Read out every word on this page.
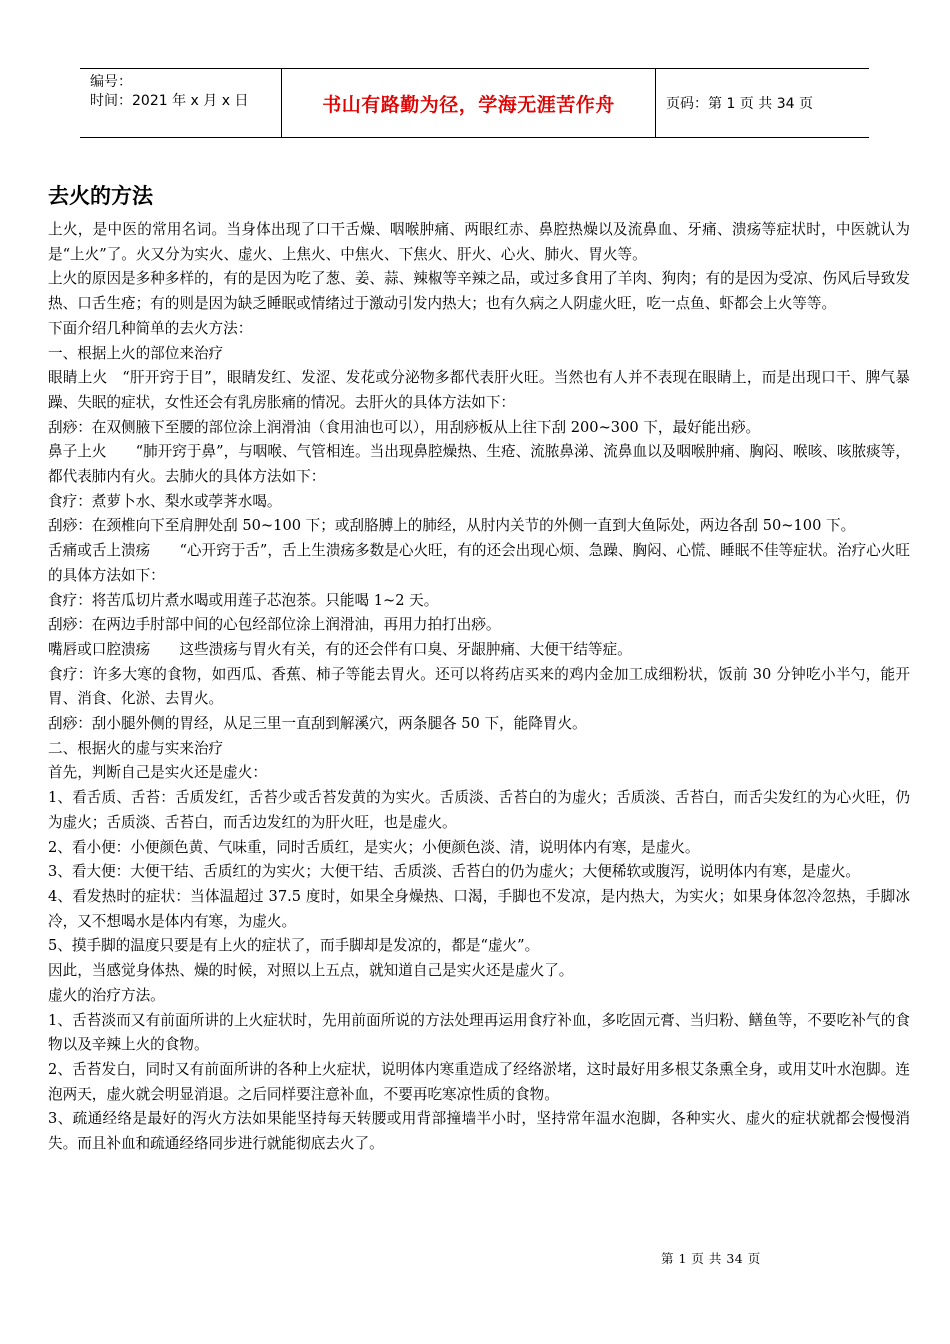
编号：
时间：2021 年 x 月 x 日	书山有路勤为径，学海无涯苦作舟	页码：第 1 页 共 34 页
去火的方法

上火，是中医的常用名词。当身体出现了口干舌燥、咽喉肿痛、两眼红赤、鼻腔热燥以及流鼻血、牙痛、溃疡等症状时，中医就认为是“上火”了。火又分为实火、虚火、上焦火、中焦火、下焦火、肝火、心火、肺火、胃火等。

上火的原因是多种多样的，有的是因为吃了葱、姜、蒜、辣椒等辛辣之品，或过多食用了羊肉、狗肉；有的是因为受凉、伤风后导致发热、口舌生疮；有的则是因为缺乏睡眠或情绪过于激动引发内热大；也有久病之人阴虚火旺，吃一点鱼、虾都会上火等等。

下面介绍几种简单的去火方法：

一、根据上火的部位来治疗

眼睛上火　“肝开窍于目”，眼睛发红、发涩、发花或分泌物多都代表肝火旺。当然也有人并不表现在眼睛上，而是出现口干、脾气暴躁、失眠的症状，女性还会有乳房胀痛的情况。去肝火的具体方法如下：

刮痧：在双侧腋下至腰的部位涂上润滑油（食用油也可以），用刮痧板从上往下刮 200~300 下，最好能出痧。

鼻子上火　　“肺开窍于鼻”，与咽喉、气管相连。当出现鼻腔燥热、生疮、流脓鼻涕、流鼻血以及咽喉肿痛、胸闷、喉咳、咳脓痰等，都代表肺内有火。去肺火的具体方法如下：

食疗：煮萝卜水、梨水或荸荠水喝。

刮痧：在颈椎向下至肩胛处刮 50~100 下；或刮胳膊上的肺经，从肘内关节的外侧一直到大鱼际处，两边各刮 50~100 下。

舌痛或舌上溃疡　　“心开窍于舌”，舌上生溃疡多数是心火旺，有的还会出现心烦、急躁、胸闷、心慌、睡眠不佳等症状。治疗心火旺的具体方法如下：

食疗：将苦瓜切片煮水喝或用莲子芯泡茶。只能喝 1~2 天。

刮痧：在两边手肘部中间的心包经部位涂上润滑油，再用力拍打出痧。

嘴唇或口腔溃疡　　这些溃疡与胃火有关，有的还会伴有口臭、牙龈肿痛、大便干结等症。

食疗：许多大寒的食物，如西瓜、香蕉、柿子等能去胃火。还可以将药店买来的鸡内金加工成细粉状，饭前 30 分钟吃小半勺，能开胃、消食、化淤、去胃火。

刮痧：刮小腿外侧的胃经，从足三里一直刮到解溪穴，两条腿各 50 下，能降胃火。

二、根据火的虚与实来治疗

首先，判断自己是实火还是虚火：

1、看舌质、舌苔：舌质发红，舌苔少或舌苔发黄的为实火。舌质淡、舌苔白的为虚火；舌质淡、舌苔白，而舌尖发红的为心火旺，仍为虚火；舌质淡、舌苔白，而舌边发红的为肝火旺，也是虚火。

2、看小便：小便颜色黄、气味重，同时舌质红，是实火；小便颜色淡、清，说明体内有寒，是虚火。

3、看大便：大便干结、舌质红的为实火；大便干结、舌质淡、舌苔白的仍为虚火；大便稀软或腹泻，说明体内有寒，是虚火。

4、看发热时的症状：当体温超过 37.5 度时，如果全身燥热、口渴，手脚也不发凉，是内热大，为实火；如果身体忽冷忽热，手脚冰冷，又不想喝水是体内有寒，为虚火。

5、摸手脚的温度只要是有上火的症状了，而手脚却是发凉的，都是“虚火”。

因此，当感觉身体热、燥的时候，对照以上五点，就知道自己是实火还是虚火了。

虚火的治疗方法。

1、舌苔淡而又有前面所讲的上火症状时，先用前面所说的方法处理再运用食疗补血，多吃固元膏、当归粉、鳝鱼等，不要吃补气的食物以及辛辣上火的食物。

2、舌苔发白，同时又有前面所讲的各种上火症状，说明体内寒重造成了经络淤堵，这时最好用多根艾条熏全身，或用艾叶水泡脚。连泡两天，虚火就会明显消退。之后同样要注意补血，不要再吃寒凉性质的食物。

3、疏通经络是最好的泻火方法如果能坚持每天转腰或用背部撞墙半小时，坚持常年温水泡脚，各种实火、虚火的症状就都会慢慢消失。而且补血和疏通经络同步进行就能彻底去火了。

第 1 页 共 34 页
